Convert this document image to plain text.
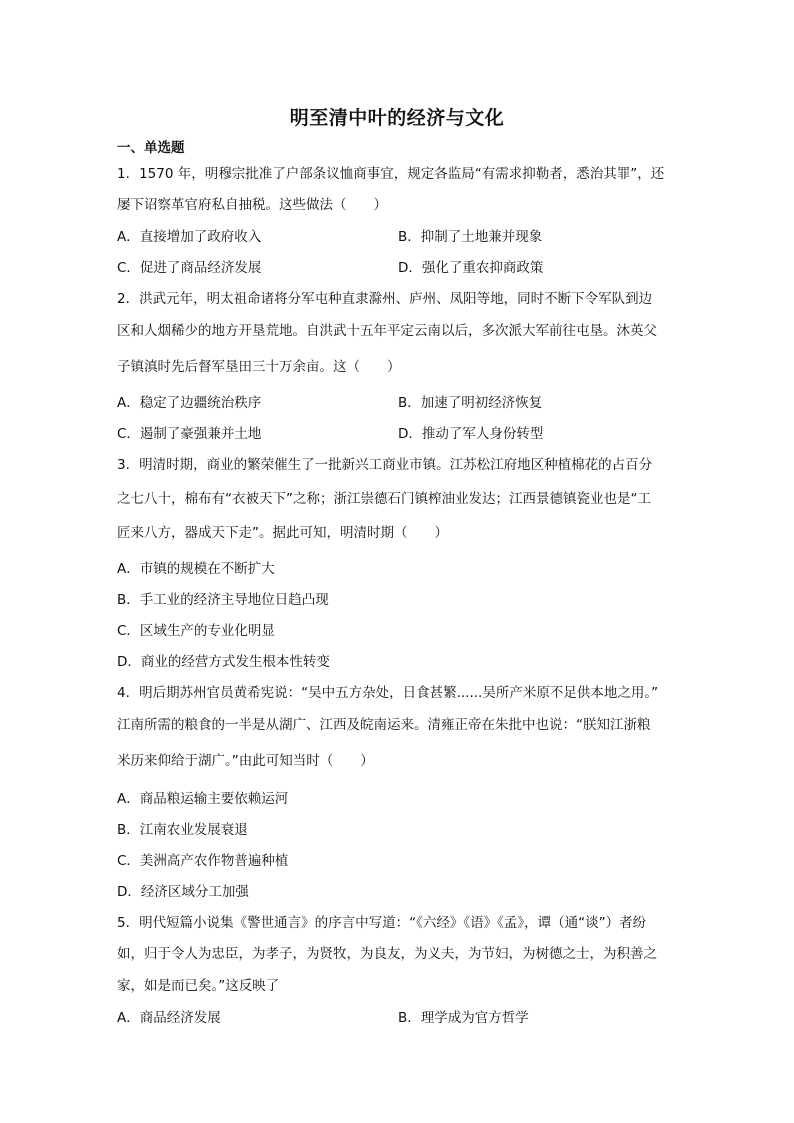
明至清中叶的经济与文化
一、单选题
1．1570 年，明穆宗批准了户部条议恤商事宜，规定各监局“有需求抑勒者，悉治其罪”，还
屡下诏察革官府私自抽税。这些做法（　　）
A．直接增加了政府收入	B．抑制了土地兼并现象
C．促进了商品经济发展	D．强化了重农抑商政策
2．洪武元年，明太祖命诸将分军屯种直隶滁州、庐州、凤阳等地，同时不断下令军队到边
区和人烟稀少的地方开垦荒地。自洪武十五年平定云南以后，多次派大军前往屯垦。沐英父
子镇滇时先后督军垦田三十万余亩。这（　　）
A．稳定了边疆统治秩序	B．加速了明初经济恢复
C．遏制了豪强兼并土地	D．推动了军人身份转型
3．明清时期，商业的繁荣催生了一批新兴工商业市镇。江苏松江府地区种植棉花的占百分
之七八十，棉布有“衣被天下”之称；浙江崇德石门镇榨油业发达；江西景德镇瓷业也是“工
匠来八方，器成天下走”。据此可知，明清时期（　　）
A．市镇的规模在不断扩大
B．手工业的经济主导地位日趋凸现
C．区域生产的专业化明显
D．商业的经营方式发生根本性转变
4．明后期苏州官员黄希宪说：“吴中五方杂处，日食甚繁......吴所产米原不足供本地之用。”
江南所需的粮食的一半是从湖广、江西及皖南运来。清雍正帝在朱批中也说：“朕知江浙粮
米历来仰给于湖广。”由此可知当时（　　）
A．商品粮运输主要依赖运河
B．江南农业发展衰退
C．美洲高产农作物普遍种植
D．经济区域分工加强
5．明代短篇小说集《警世通言》的序言中写道：“《六经》《语》《孟》，谭（通“谈”）者纷
如，归于令人为忠臣，为孝子，为贤牧，为良友，为义夫，为节妇，为树德之士，为积善之
家，如是而已矣。”这反映了
A．商品经济发展	B．理学成为官方哲学
